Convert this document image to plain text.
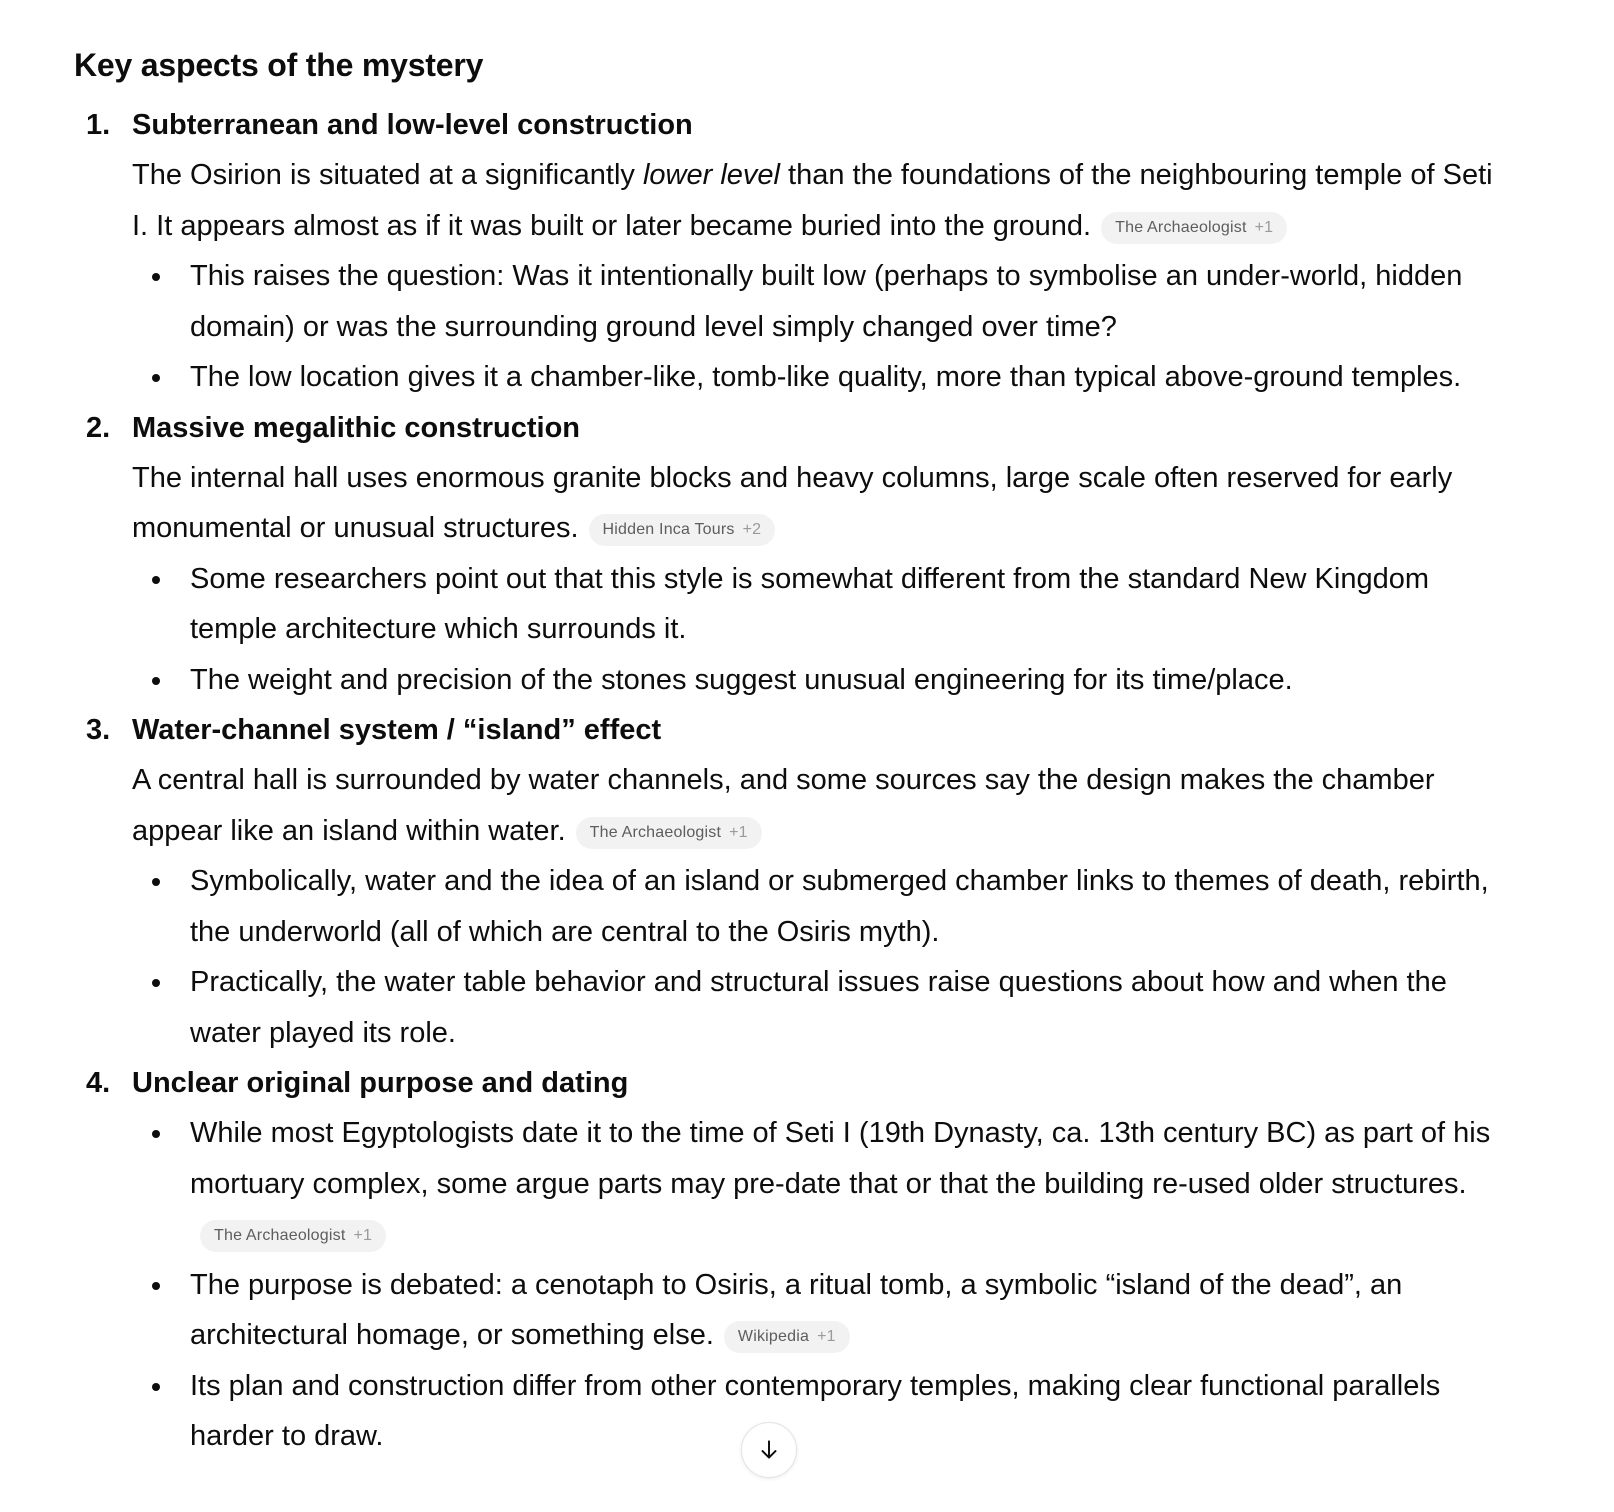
Key aspects of the mystery
1. Subterranean and low-level construction

The Osirion is situated at a significantly lower level than the foundations of the neighbouring temple of Seti I. It appears almost as if it was built or later became buried into the ground. The Archaeologist +1

This raises the question: Was it intentionally built low (perhaps to symbolise an under-world, hidden domain) or was the surrounding ground level simply changed over time?
The low location gives it a chamber-like, tomb-like quality, more than typical above-ground temples.
2. Massive megalithic construction

The internal hall uses enormous granite blocks and heavy columns, large scale often reserved for early monumental or unusual structures. Hidden Inca Tours +2

Some researchers point out that this style is somewhat different from the standard New Kingdom temple architecture which surrounds it.
The weight and precision of the stones suggest unusual engineering for its time/place.
3. Water-channel system / “island” effect

A central hall is surrounded by water channels, and some sources say the design makes the chamber appear like an island within water. The Archaeologist +1

Symbolically, water and the idea of an island or submerged chamber links to themes of death, rebirth, the underworld (all of which are central to the Osiris myth).
Practically, the water table behavior and structural issues raise questions about how and when the water played its role.
4. Unclear original purpose and dating

While most Egyptologists date it to the time of Seti I (19th Dynasty, ca. 13th century BC) as part of his mortuary complex, some argue parts may pre-date that or that the building re-used older structures.
The Archaeologist +1
The purpose is debated: a cenotaph to Osiris, a ritual tomb, a symbolic “island of the dead”, an architectural homage, or something else. Wikipedia +1
Its plan and construction differ from other contemporary temples, making clear functional parallels harder to draw.
